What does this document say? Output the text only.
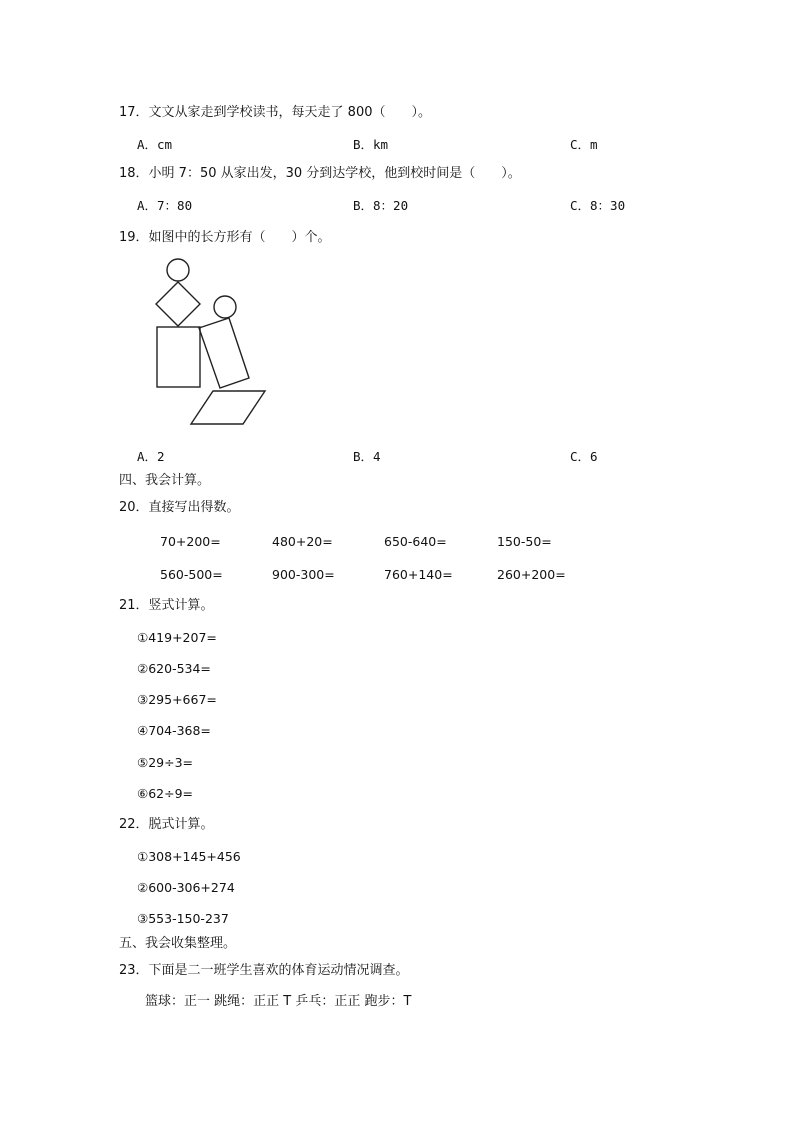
17．文文从家走到学校读书，每天走了 800（　　）。
A．cm	B．km	C．m
18．小明 7：50 从家出发，30 分到达学校，他到校时间是（　　）。
A．7：80	B．8：20	C．8：30
19．如图中的长方形有（　　）个。
A．2	B．4	C．6
四、我会计算。
20．直接写出得数。
70+200=	480+20=	650-640=	150-50=
560-500=	900-300=	760+140=	260+200=
21．竖式计算。
①419+207=
②620-534=
③295+667=
④704-368=
⑤29÷3=
⑥62÷9=
22．脱式计算。
①308+145+456
②600-306+274
③553-150-237
五、我会收集整理。
23．下面是二一班学生喜欢的体育运动情况调查。
篮球：正一 跳绳：正正 T 乒乓：正正 跑步：T
